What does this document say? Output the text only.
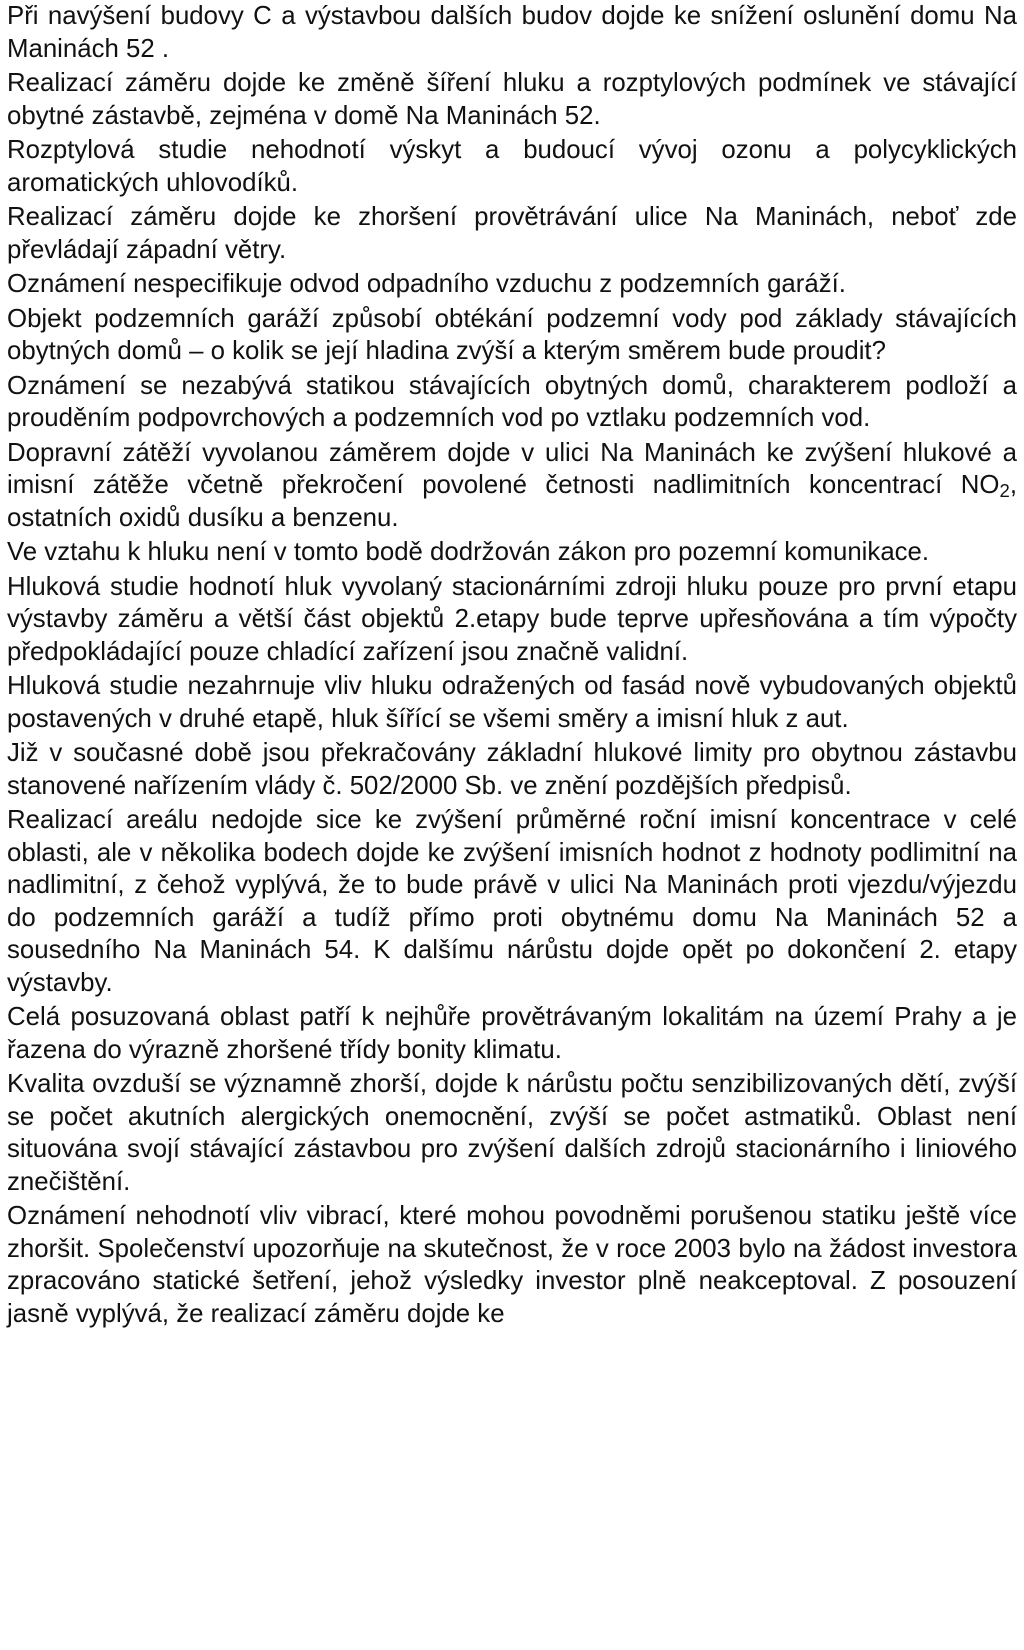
Při navýšení budovy C a výstavbou dalších budov dojde ke snížení oslunění domu Na Maninách 52 .

Realizací záměru dojde ke změně šíření hluku a rozptylových podmínek ve stávající obytné zástavbě, zejména v domě Na Maninách 52.

Rozptylová studie nehodnotí výskyt a budoucí vývoj ozonu a polycyklických aromatických uhlovodíků.

Realizací záměru dojde ke zhoršení provětrávání ulice Na Maninách, neboť zde převládají západní větry.

Oznámení nespecifikuje odvod odpadního vzduchu z podzemních garáží.

Objekt podzemních garáží způsobí obtékání podzemní vody pod základy stávajících obytných domů – o kolik se její hladina zvýší a kterým směrem bude proudit?

Oznámení se nezabývá statikou stávajících obytných domů, charakterem podloží a prouděním podpovrchových a podzemních vod po vztlaku podzemních vod.

Dopravní zátěží vyvolanou záměrem dojde v ulici Na Maninách ke zvýšení hlukové a imisní zátěže včetně překročení povolené četnosti nadlimitních koncentrací $NO_2$, ostatních oxidů dusíku a benzenu.

Ve vztahu k hluku není v tomto bodě dodržován zákon pro pozemní komunikace.

Hluková studie hodnotí hluk vyvolaný stacionárními zdroji hluku pouze pro první etapu výstavby záměru a větší část objektů 2.etapy bude teprve upřesňována a tím výpočty předpokládající pouze chladící zařízení jsou značně validní.

Hluková studie nezahrnuje vliv hluku odražených od fasád nově vybudovaných objektů postavených v druhé etapě, hluk šířící se všemi směry a imisní hluk z aut.

Již v současné době jsou překračovány základní hlukové limity pro obytnou zástavbu stanovené nařízením vlády č. 502/2000 Sb. ve znění pozdějších předpisů.

Realizací areálu nedojde sice ke zvýšení průměrné roční imisní koncentrace v celé oblasti, ale v několika bodech dojde ke zvýšení imisních hodnot z hodnoty podlimitní na nadlimitní, z čehož vyplývá, že to bude právě v ulici Na Maninách proti vjezdu/výjezdu do podzemních garáží a tudíž přímo proti obytnému domu Na Maninách 52 a sousedního Na Maninách 54. K dalšímu nárůstu dojde opět po dokončení 2. etapy výstavby.

Celá posuzovaná oblast patří k nejhůře provětrávaným lokalitám na území Prahy a je řazena do výrazně zhoršené třídy bonity klimatu.

Kvalita ovzduší se významně zhorší, dojde k nárůstu počtu senzibilizovaných dětí, zvýší se počet akutních alergických onemocnění, zvýší se počet astmatiků. Oblast není situována svojí stávající zástavbou pro zvýšení dalších zdrojů stacionárního i liniového znečištění.

Oznámení nehodnotí vliv vibrací, které mohou povodněmi porušenou statiku ještě více zhoršit. Společenství upozorňuje na skutečnost, že v roce 2003 bylo na žádost investora zpracováno statické šetření, jehož výsledky investor plně neakceptoval. Z posouzení jasně vyplývá, že realizací záměru dojde ke
